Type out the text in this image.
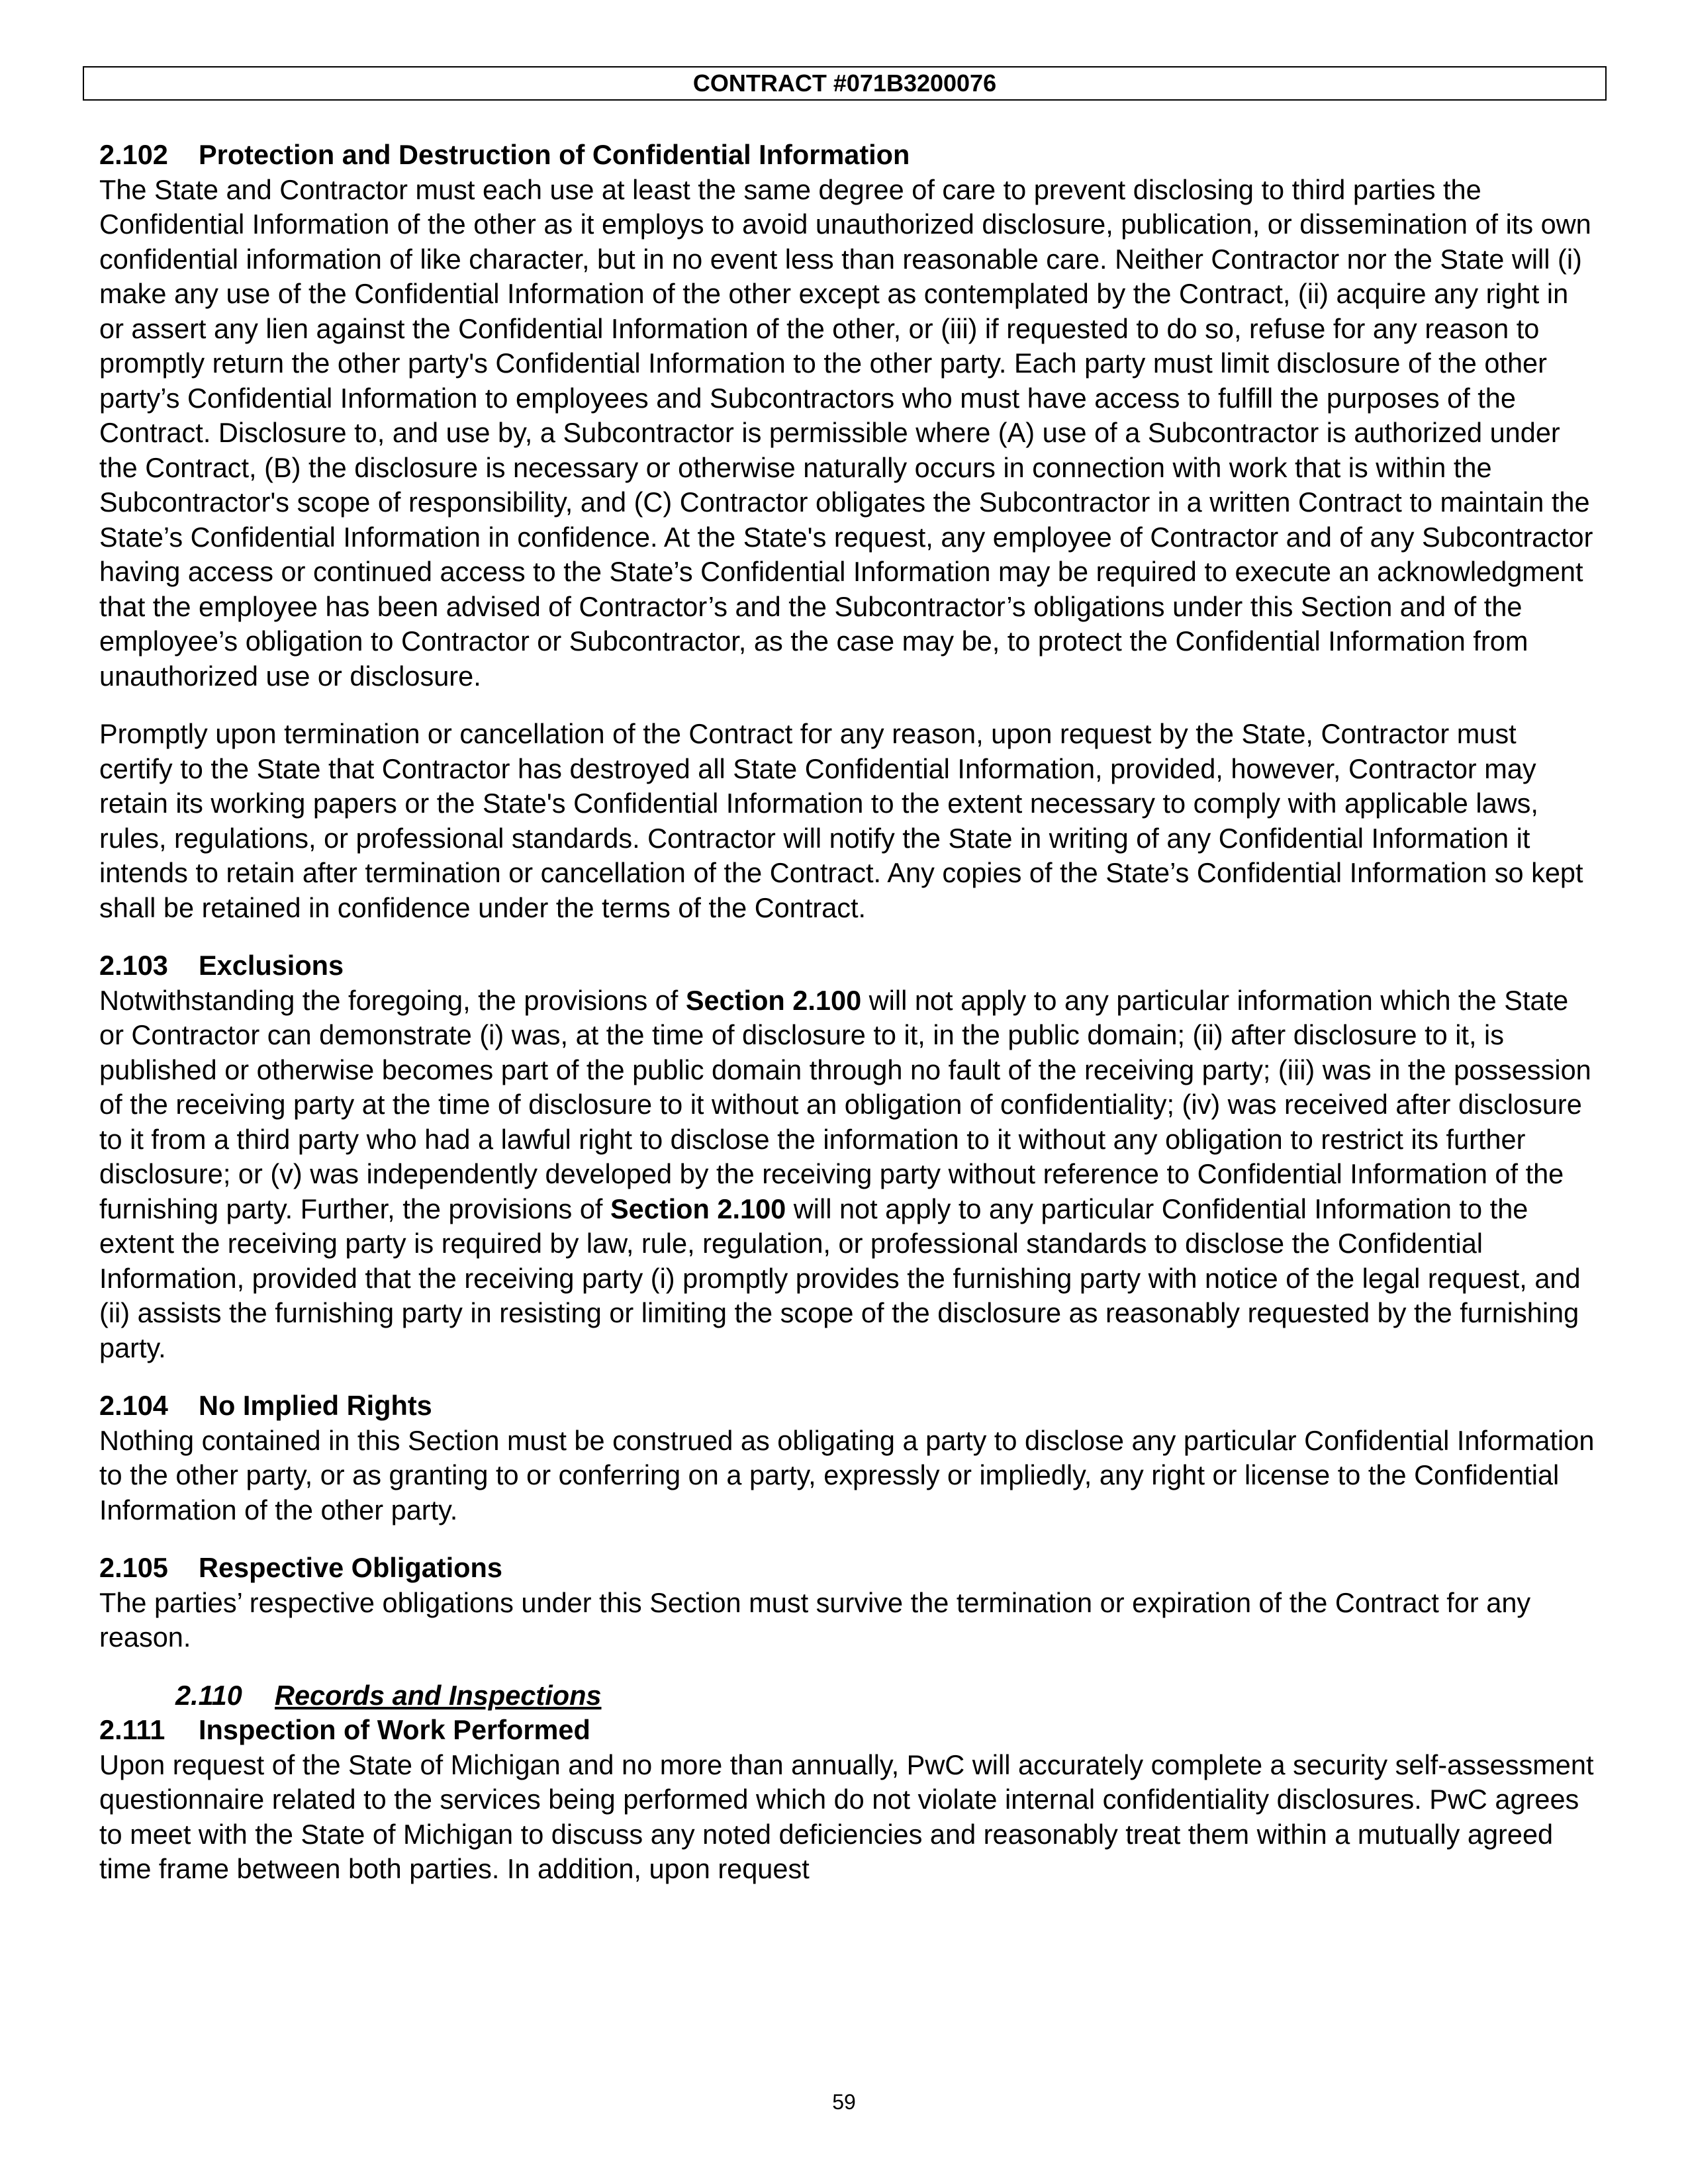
CONTRACT #071B3200076

2.102 Protection and Destruction of Confidential Information

The State and Contractor must each use at least the same degree of care to prevent disclosing to third parties the Confidential Information of the other as it employs to avoid unauthorized disclosure, publication, or dissemination of its own confidential information of like character, but in no event less than reasonable care. Neither Contractor nor the State will (i) make any use of the Confidential Information of the other except as contemplated by the Contract, (ii) acquire any right in or assert any lien against the Confidential Information of the other, or (iii) if requested to do so, refuse for any reason to promptly return the other party's Confidential Information to the other party. Each party must limit disclosure of the other party’s Confidential Information to employees and Subcontractors who must have access to fulfill the purposes of the Contract. Disclosure to, and use by, a Subcontractor is permissible where (A) use of a Subcontractor is authorized under the Contract, (B) the disclosure is necessary or otherwise naturally occurs in connection with work that is within the Subcontractor's scope of responsibility, and (C) Contractor obligates the Subcontractor in a written Contract to maintain the State’s Confidential Information in confidence. At the State's request, any employee of Contractor and of any Subcontractor having access or continued access to the State’s Confidential Information may be required to execute an acknowledgment that the employee has been advised of Contractor’s and the Subcontractor’s obligations under this Section and of the employee’s obligation to Contractor or Subcontractor, as the case may be, to protect the Confidential Information from unauthorized use or disclosure.

Promptly upon termination or cancellation of the Contract for any reason, upon request by the State, Contractor must certify to the State that Contractor has destroyed all State Confidential Information, provided, however, Contractor may retain its working papers or the State's Confidential Information to the extent necessary to comply with applicable laws, rules, regulations, or professional standards. Contractor will notify the State in writing of any Confidential Information it intends to retain after termination or cancellation of the Contract. Any copies of the State’s Confidential Information so kept shall be retained in confidence under the terms of the Contract.

2.103 Exclusions

Notwithstanding the foregoing, the provisions of Section 2.100 will not apply to any particular information which the State or Contractor can demonstrate (i) was, at the time of disclosure to it, in the public domain; (ii) after disclosure to it, is published or otherwise becomes part of the public domain through no fault of the receiving party; (iii) was in the possession of the receiving party at the time of disclosure to it without an obligation of confidentiality; (iv) was received after disclosure to it from a third party who had a lawful right to disclose the information to it without any obligation to restrict its further disclosure; or (v) was independently developed by the receiving party without reference to Confidential Information of the furnishing party. Further, the provisions of Section 2.100 will not apply to any particular Confidential Information to the extent the receiving party is required by law, rule, regulation, or professional standards to disclose the Confidential Information, provided that the receiving party (i) promptly provides the furnishing party with notice of the legal request, and (ii) assists the furnishing party in resisting or limiting the scope of the disclosure as reasonably requested by the furnishing party.

2.104 No Implied Rights

Nothing contained in this Section must be construed as obligating a party to disclose any particular Confidential Information to the other party, or as granting to or conferring on a party, expressly or impliedly, any right or license to the Confidential Information of the other party.

2.105 Respective Obligations

The parties’ respective obligations under this Section must survive the termination or expiration of the Contract for any reason.

2.110 Records and Inspections

2.111 Inspection of Work Performed

Upon request of the State of Michigan and no more than annually, PwC will accurately complete a security self-assessment questionnaire related to the services being performed which do not violate internal confidentiality disclosures. PwC agrees to meet with the State of Michigan to discuss any noted deficiencies and reasonably treat them within a mutually agreed time frame between both parties. In addition, upon request

59
